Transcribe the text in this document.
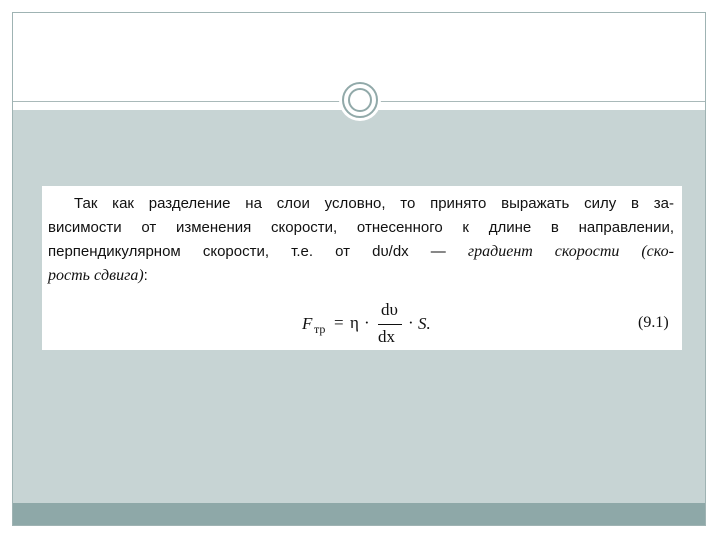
Так как разделение на слои условно, то принято выражать силу в за-
висимости от изменения скорости, отнесенного к длине в направлении,
перпендикулярном скорости, т.е. от dυ/dx — градиент скорости (ско-
рость сдвига):
F тр = η ·
dυ
dx
· S.	(9.1)
